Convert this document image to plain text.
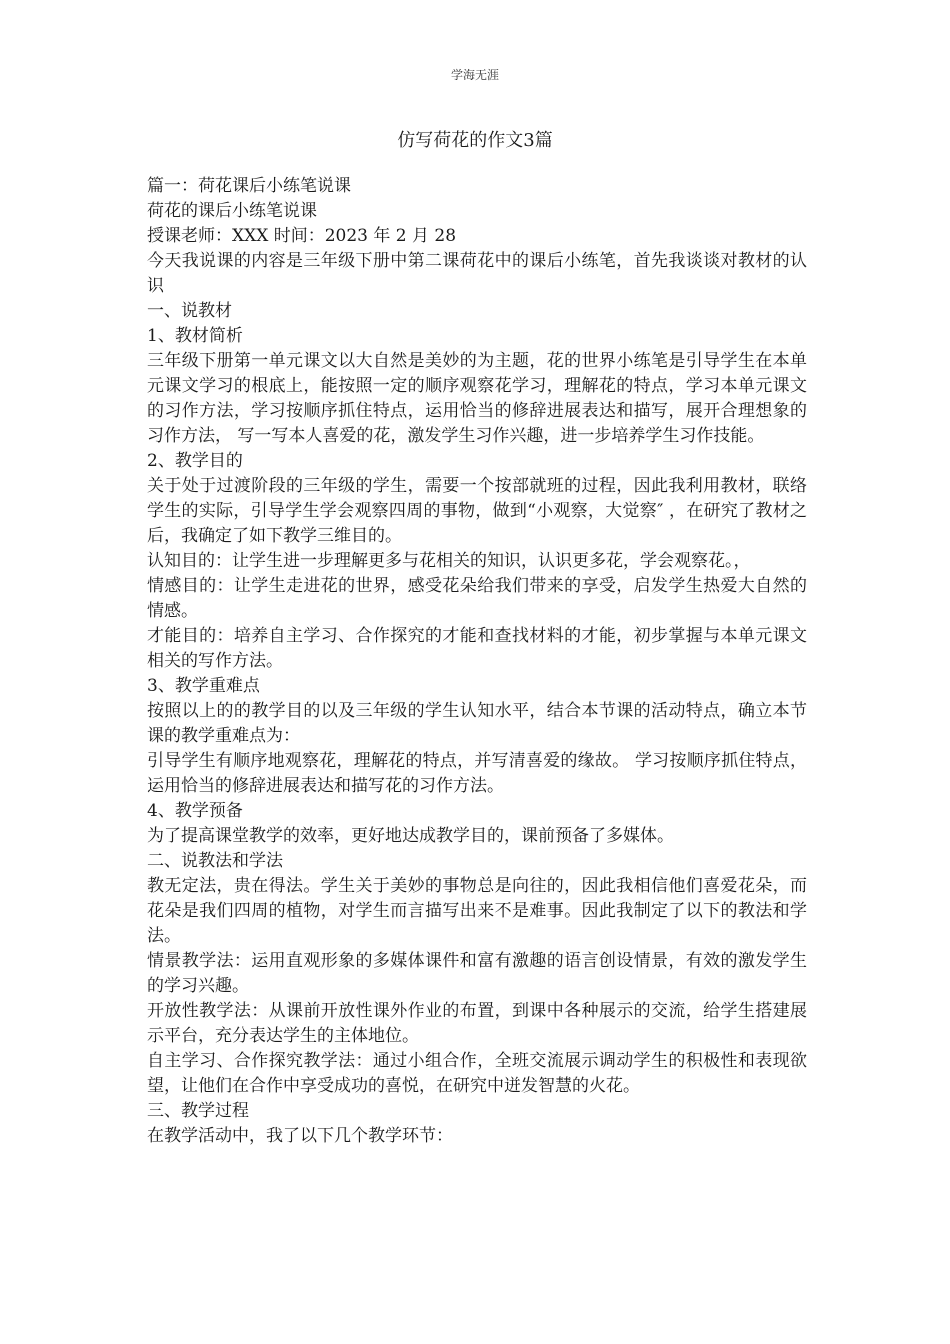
学海无涯
仿写荷花的作文3篇

篇一：荷花课后小练笔说课

荷花的课后小练笔说课

授课老师：XXX 时间：2023 年 2 月 28

今天我说课的内容是三年级下册中第二课荷花中的课后小练笔，首先我谈谈对教材的认识

一、说教材

1、教材简析

三年级下册第一单元课文以大自然是美妙的为主题，花的世界小练笔是引导学生在本单元课文学习的根底上，能按照一定的顺序观察花学习，理解花的特点，学习本单元课文的习作方法，学习按顺序抓住特点，运用恰当的修辞进展表达和描写，展开合理想象的习作方法， 写一写本人喜爱的花，激发学生习作兴趣，进一步培养学生习作技能。

2、教学目的

关于处于过渡阶段的三年级的学生，需要一个按部就班的过程，因此我利用教材，联络学生的实际，引导学生学会观察四周的事物，做到“小观察，大觉察″ ，在研究了教材之后，我确定了如下教学三维目的。

认知目的：让学生进一步理解更多与花相关的知识，认识更多花，学会观察花。，

情感目的：让学生走进花的世界，感受花朵给我们带来的享受，启发学生热爱大自然的情感。

才能目的：培养自主学习、合作探究的才能和查找材料的才能，初步掌握与本单元课文相关的写作方法。

3、教学重难点

按照以上的的教学目的以及三年级的学生认知水平，结合本节课的活动特点，确立本节课的教学重难点为：

引导学生有顺序地观察花，理解花的特点，并写清喜爱的缘故。 学习按顺序抓住特点，运用恰当的修辞进展表达和描写花的习作方法。

4、教学预备

为了提高课堂教学的效率，更好地达成教学目的，课前预备了多媒体。

二、说教法和学法

教无定法，贵在得法。学生关于美妙的事物总是向往的，因此我相信他们喜爱花朵，而花朵是我们四周的植物，对学生而言描写出来不是难事。因此我制定了以下的教法和学法。

情景教学法：运用直观形象的多媒体课件和富有激趣的语言创设情景，有效的激发学生的学习兴趣。

开放性教学法：从课前开放性课外作业的布置，到课中各种展示的交流，给学生搭建展示平台，充分表达学生的主体地位。

自主学习、合作探究教学法：通过小组合作，全班交流展示调动学生的积极性和表现欲望，让他们在合作中享受成功的喜悦，在研究中迸发智慧的火花。

三、教学过程

在教学活动中，我了以下几个教学环节：
